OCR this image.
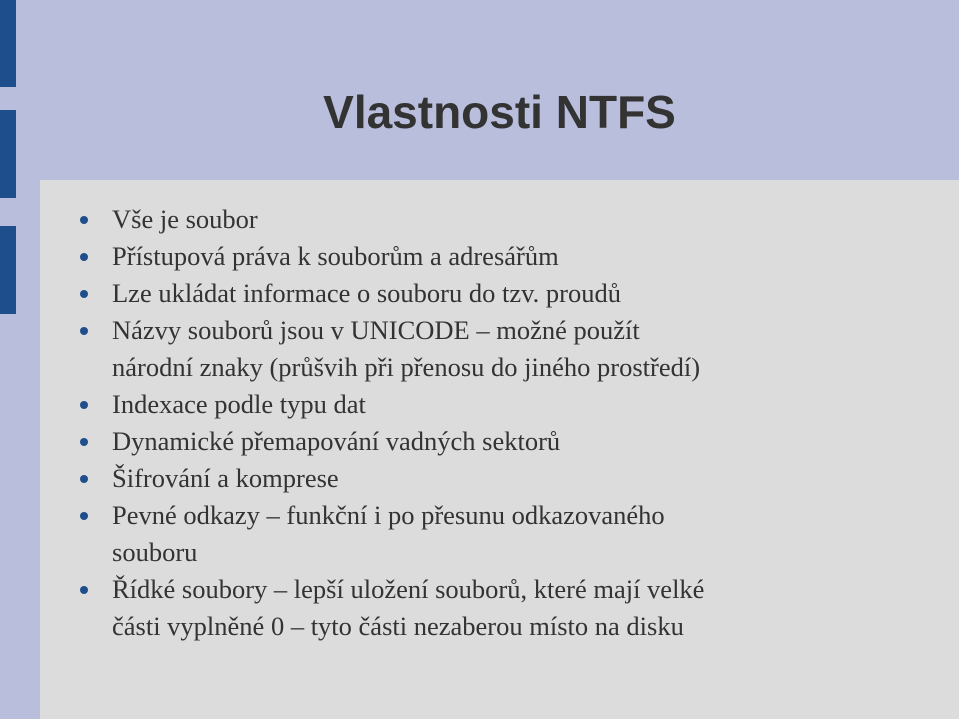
Vlastnosti NTFS
Vše je soubor
Přístupová práva k souborům a adresářům
Lze ukládat informace o souboru do tzv. proudů
Názvy souborů jsou v UNICODE – možné použít
národní znaky (průšvih při přenosu do jiného prostředí)
Indexace podle typu dat
Dynamické přemapování vadných sektorů
Šifrování a komprese
Pevné odkazy – funkční i po přesunu odkazovaného
souboru
Řídké soubory – lepší uložení souborů, které mají velké
části vyplněné 0 – tyto části nezaberou místo na disku
